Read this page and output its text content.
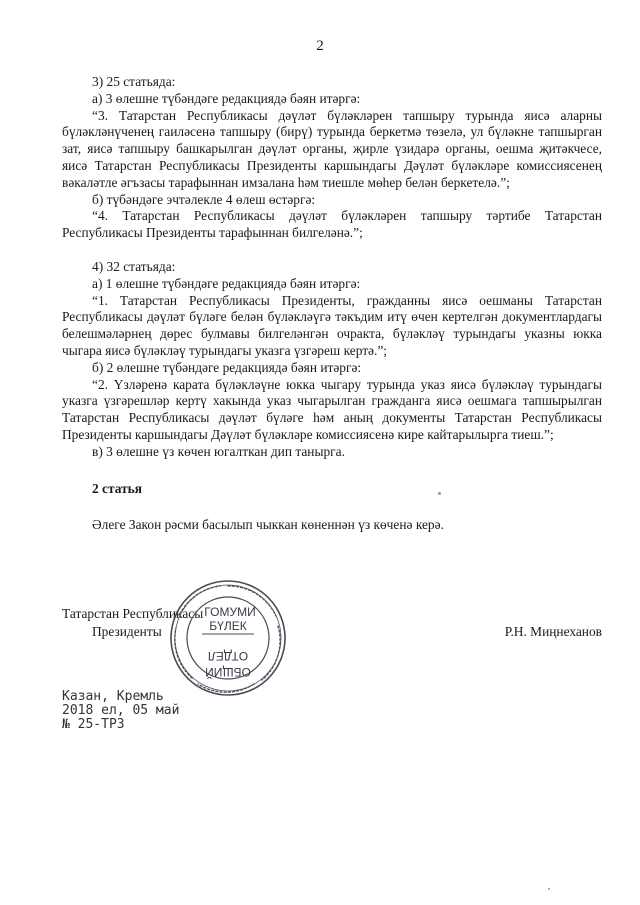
2

3) 25 статьяда:

а) 3 өлешне түбәндәге редакциядә бәян итәргә:

“3. Татарстан Республикасы дәүләт бүләкләрен тапшыру турында яисә аларны бүләкләнүченең гаиләсенә тапшыру (бирү) турында беркетмә төзелә, ул бүләкне тапшырган зат, яисә тапшыру башкарылган дәүләт органы, җирле үзидарә органы, оешма җитәкчесе, яисә Татарстан Республикасы Президенты каршындагы Дәүләт бүләкләре комиссиясенең вәкаләтле әгъзасы тарафыннан имзалана һәм тиешле мөһер белән беркетелә.”;

б) түбәндәге эчтәлекле 4 өлеш өстәргә:

“4. Татарстан Республикасы дәүләт бүләкләрен тапшыру тәртибе Татарстан Республикасы Президенты тарафыннан билгеләнә.”;

4) 32 статьяда:

а) 1 өлешне түбәндәге редакциядә бәян итәргә:

“1. Татарстан Республикасы Президенты, гражданны яисә оешманы Татарстан Республикасы дәүләт бүләге белән бүләкләүгә тәкъдим итү өчен кертелгән документлардагы белешмәләрнең дөрес булмавы билгеләнгән очракта, бүләкләү турындагы указны юкка чыгара яисә бүләкләү турындагы указга үзгәреш кертә.”;

б) 2 өлешне түбәндәге редакциядә бәян итәргә:

“2. Үзләренә карата бүләкләүне юкка чыгару турында указ яисә бүләкләү турындагы указга үзгәрешләр кертү хакында указ чыгарылган гражданга яисә оешмага тапшырылган Татарстан Республикасы дәүләт бүләге һәм аның документы Татарстан Республикасы Президенты каршындагы Дәүләт бүләкләре комиссиясенә кире кайтарылырга тиеш.”;

в) 3 өлешне үз көчен югалткан дип танырга.

2 статья

Әлеге Закон рәсми басылып чыккан көненнән үз көченә керә.

Татарстан Республикасы
Президенты	Р.Н. Миңнеханов
ГОМУМИ
БҮЛЕК
ОТДЕЛ
ОБЩИЙ
Казан, Кремль
2018 ел, 05 май
№ 25-ТРЗ
